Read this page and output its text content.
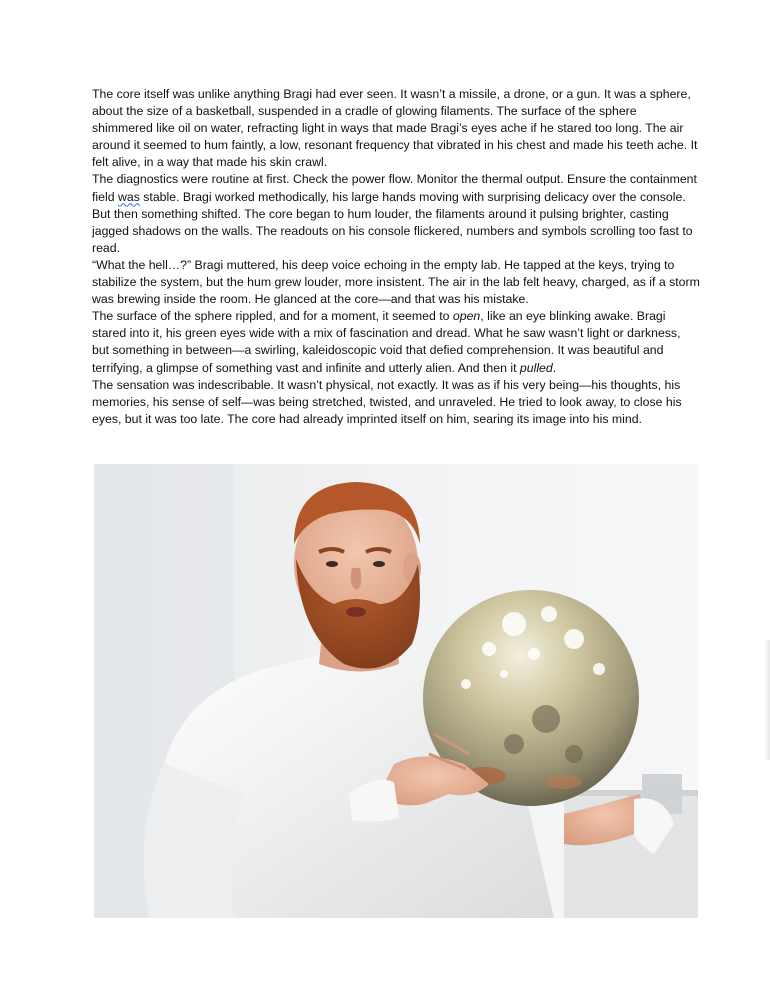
The core itself was unlike anything Bragi had ever seen. It wasn’t a missile, a drone, or a gun. It was a sphere, about the size of a basketball, suspended in a cradle of glowing filaments. The surface of the sphere shimmered like oil on water, refracting light in ways that made Bragi’s eyes ache if he stared too long. The air around it seemed to hum faintly, a low, resonant frequency that vibrated in his chest and made his teeth ache. It felt alive, in a way that made his skin crawl.

The diagnostics were routine at first. Check the power flow. Monitor the thermal output. Ensure the containment field was stable. Bragi worked methodically, his large hands moving with surprising delicacy over the console. But then something shifted. The core began to hum louder, the filaments around it pulsing brighter, casting jagged shadows on the walls. The readouts on his console flickered, numbers and symbols scrolling too fast to read.

“What the hell…?” Bragi muttered, his deep voice echoing in the empty lab. He tapped at the keys, trying to stabilize the system, but the hum grew louder, more insistent. The air in the lab felt heavy, charged, as if a storm was brewing inside the room. He glanced at the core—and that was his mistake.

The surface of the sphere rippled, and for a moment, it seemed to open, like an eye blinking awake. Bragi stared into it, his green eyes wide with a mix of fascination and dread. What he saw wasn’t light or darkness, but something in between—a swirling, kaleidoscopic void that defied comprehension. It was beautiful and terrifying, a glimpse of something vast and infinite and utterly alien. And then it pulled.

The sensation was indescribable. It wasn’t physical, not exactly. It was as if his very being—his thoughts, his memories, his sense of self—was being stretched, twisted, and unraveled. He tried to look away, to close his eyes, but it was too late. The core had already imprinted itself on him, searing its image into his mind.
